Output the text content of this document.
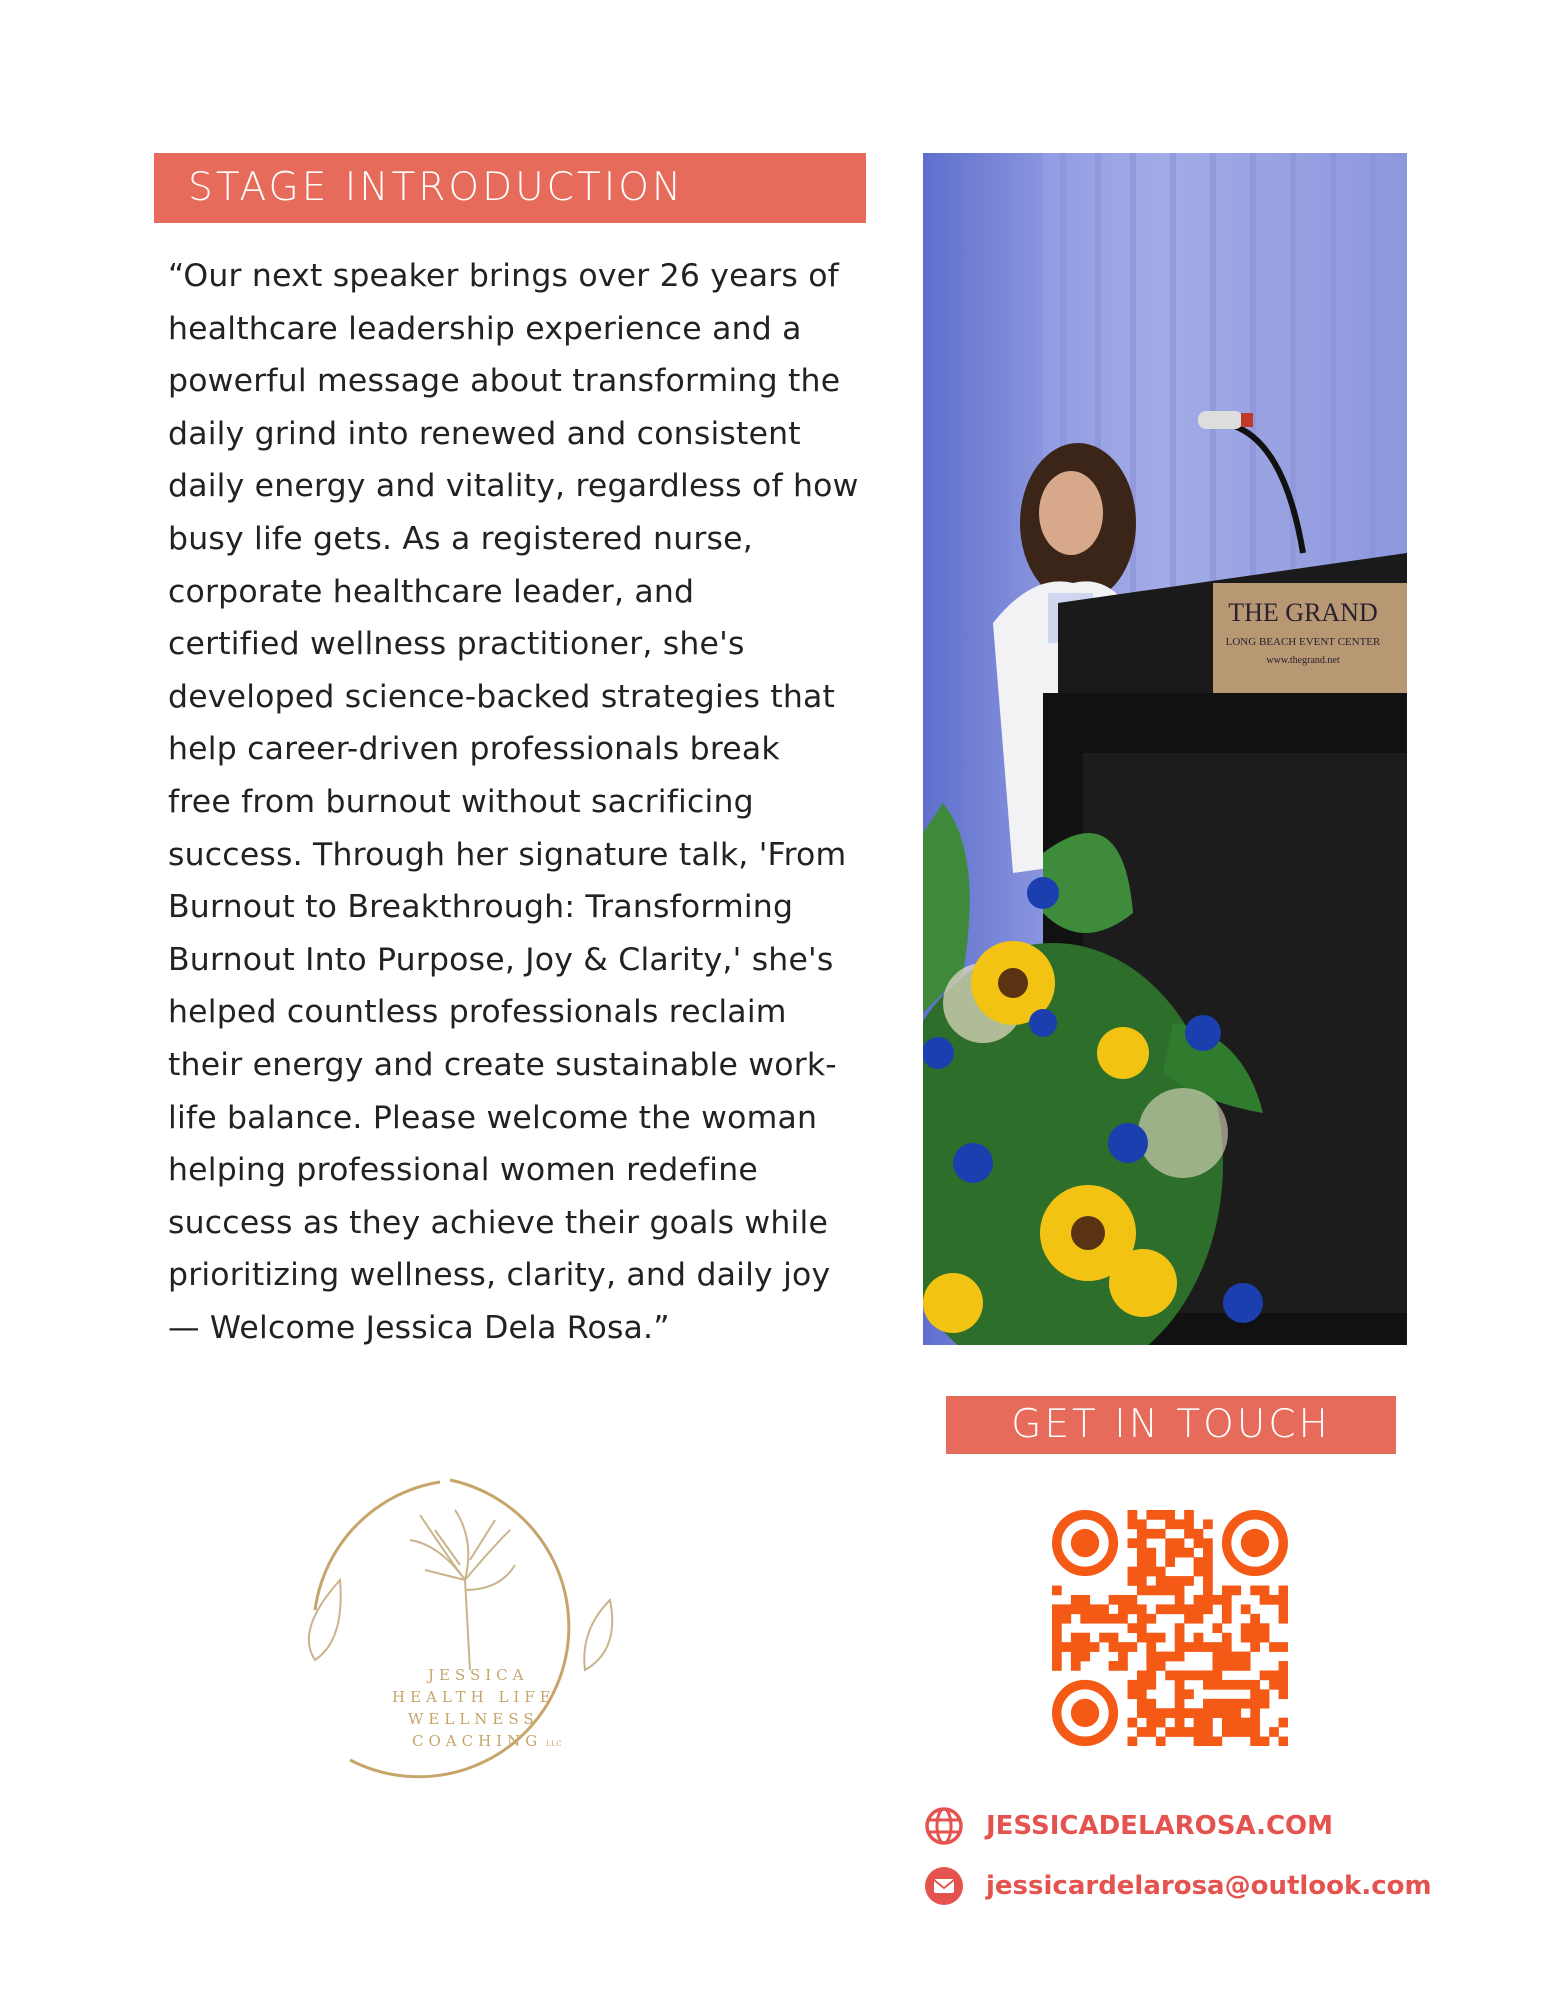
STAGE INTRODUCTION
“Our next speaker brings over 26 years of
healthcare leadership experience and a
powerful message about transforming the
daily grind into renewed and consistent
daily energy and vitality, regardless of how
busy life gets. As a registered nurse,
corporate healthcare leader, and
certified wellness practitioner, she's
developed science-backed strategies that
help career-driven professionals break
free from burnout without sacrificing
success. Through her signature talk, 'From
Burnout to Breakthrough: Transforming
Burnout Into Purpose, Joy & Clarity,' she's
helped countless professionals reclaim
their energy and create sustainable work-
life balance. Please welcome the woman
helping professional women redefine
success as they achieve their goals while
prioritizing wellness, clarity, and daily joy
— Welcome Jessica Dela Rosa.”
THE GRAND
LONG BEACH EVENT CENTER
www.thegrand.net
GET IN TOUCH
JESSICA
HEALTH LIFE
WELLNESS
COACHING LLC
JESSICADELAROSA.COM
jessicardelarosa@outlook.com
